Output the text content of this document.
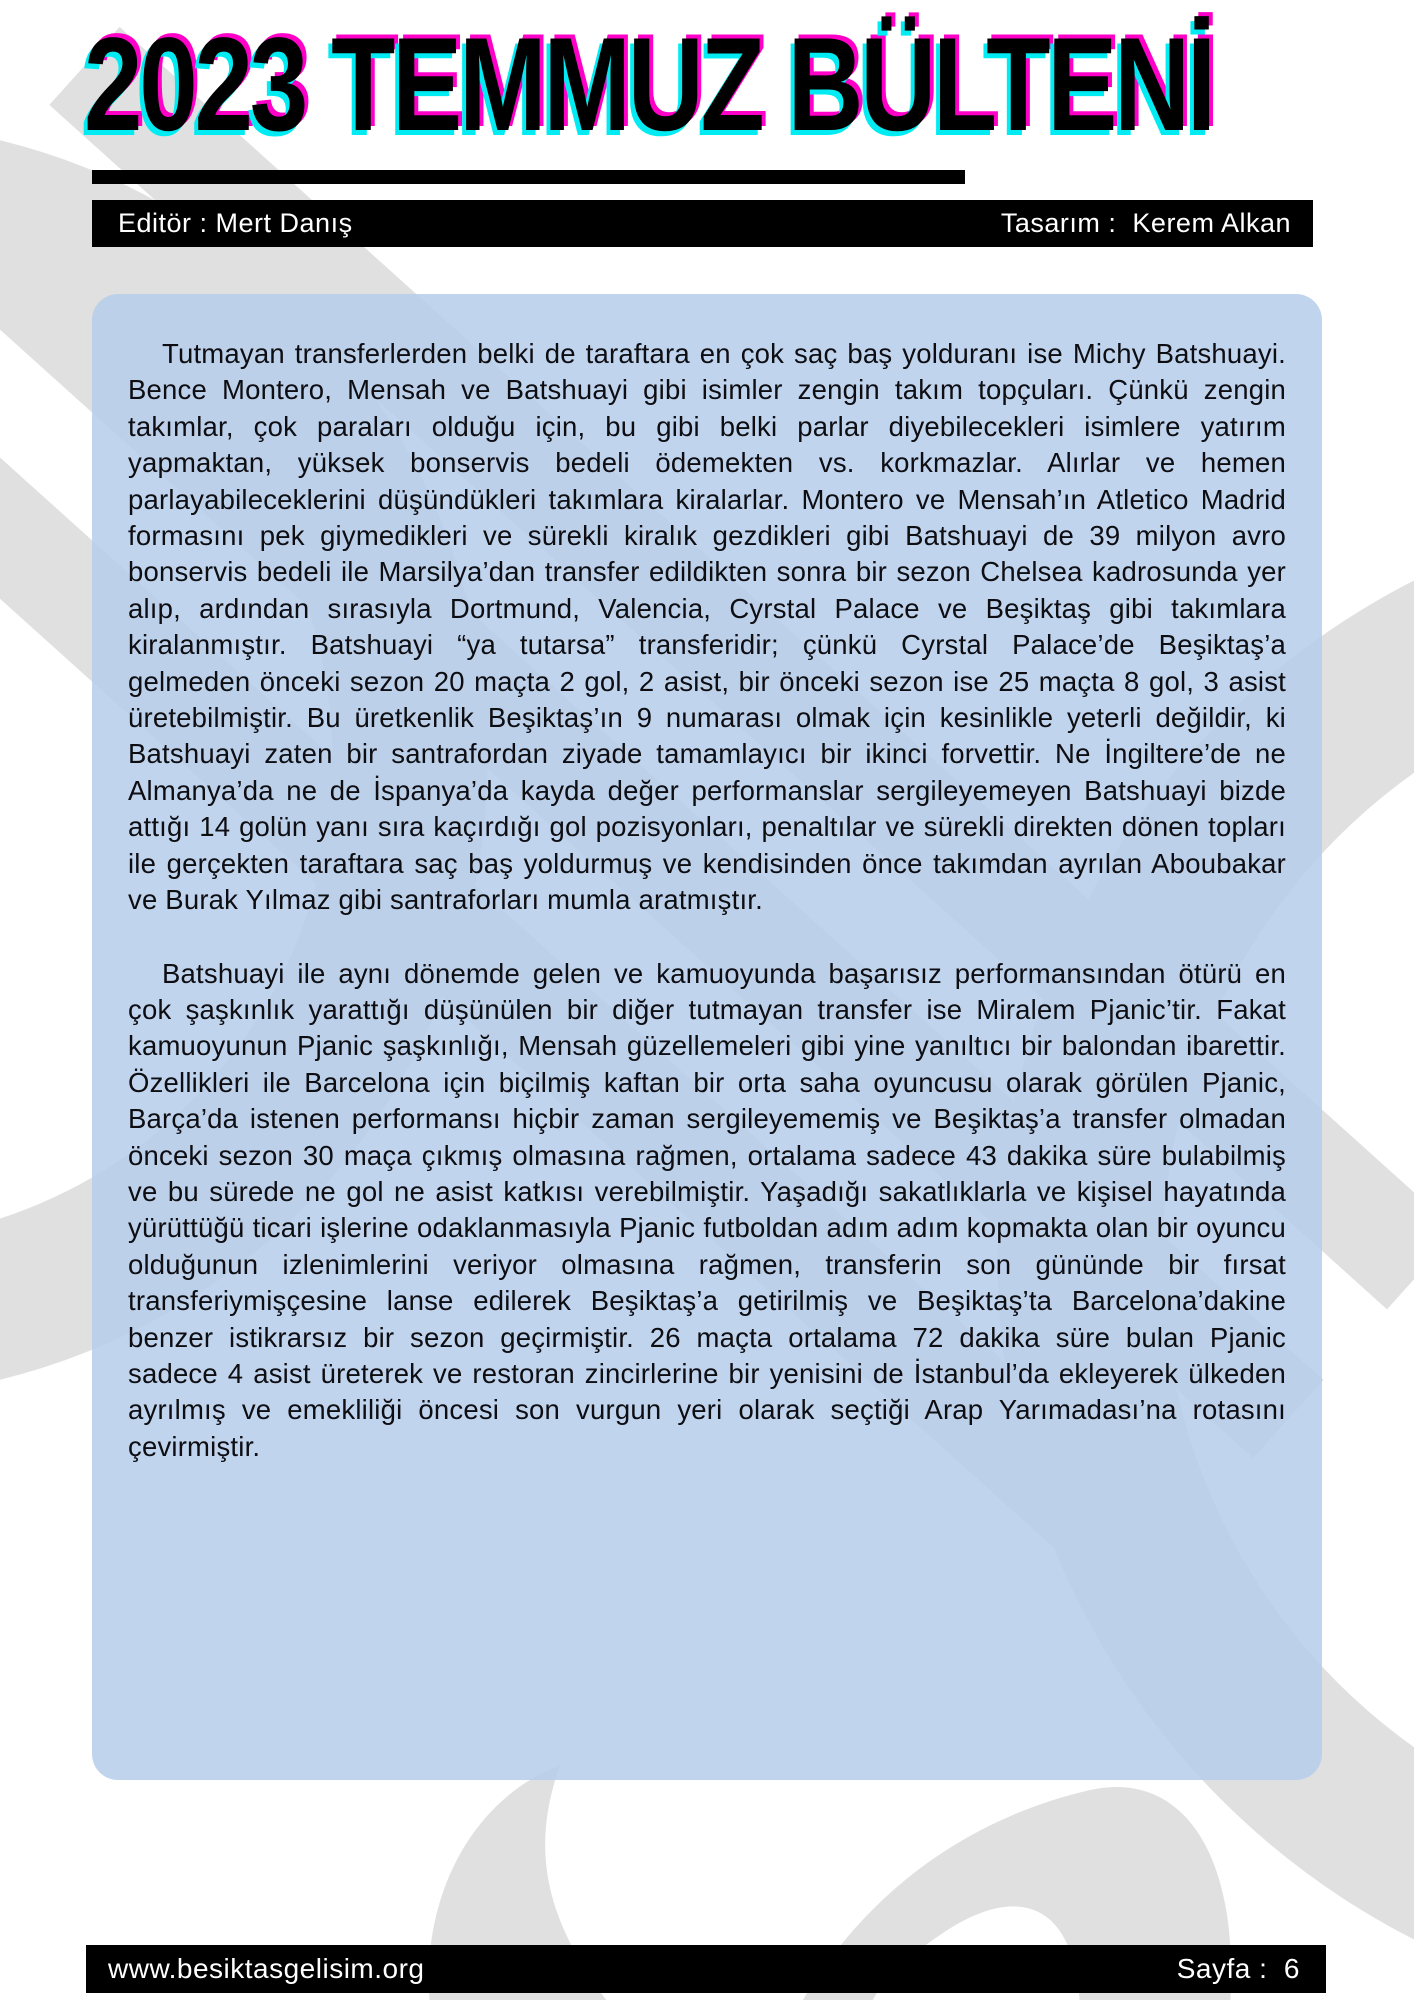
2023 TEMMUZ BÜLTENİ
Editör : Mert Danış	Tasarım :  Kerem Alkan

Tutmayan transferlerden belki de taraftara en çok saç baş yolduranı ise Michy Batshuayi. Bence Montero, Mensah ve Batshuayi gibi isimler zengin takım topçuları. Çünkü zengin takımlar, çok paraları olduğu için, bu gibi belki parlar diyebilecekleri isimlere yatırım yapmaktan, yüksek bonservis bedeli ödemekten vs. korkmazlar. Alırlar ve hemen parlayabileceklerini düşündükleri takımlara kiralarlar. Montero ve Mensah’ın Atletico Madrid formasını pek giymedikleri ve sürekli kiralık gezdikleri gibi Batshuayi de 39 milyon avro bonservis bedeli ile Marsilya’dan transfer edildikten sonra bir sezon Chelsea kadrosunda yer alıp, ardından sırasıyla Dortmund, Valencia, Cyrstal Palace ve Beşiktaş gibi takımlara kiralanmıştır. Batshuayi “ya tutarsa” transferidir; çünkü Cyrstal Palace’de Beşiktaş’a gelmeden önceki sezon 20 maçta 2 gol, 2 asist, bir önceki sezon ise 25 maçta 8 gol, 3 asist üretebilmiştir. Bu üretkenlik Beşiktaş’ın 9 numarası olmak için kesinlikle yeterli değildir, ki Batshuayi zaten bir santrafordan ziyade tamamlayıcı bir ikinci forvettir. Ne İngiltere’de ne Almanya’da ne de İspanya’da kayda değer performanslar sergileyemeyen Batshuayi bizde attığı 14 golün yanı sıra kaçırdığı gol pozisyonları, penaltılar ve sürekli direkten dönen topları ile gerçekten taraftara saç baş yoldurmuş ve kendisinden önce takımdan ayrılan Aboubakar ve Burak Yılmaz gibi santraforları mumla aratmıştır.

Batshuayi ile aynı dönemde gelen ve kamuoyunda başarısız performansından ötürü en çok şaşkınlık yarattığı düşünülen bir diğer tutmayan transfer ise Miralem Pjanic’tir. Fakat kamuoyunun Pjanic şaşkınlığı, Mensah güzellemeleri gibi yine yanıltıcı bir balondan ibarettir. Özellikleri ile Barcelona için biçilmiş kaftan bir orta saha oyuncusu olarak görülen Pjanic, Barça’da istenen performansı hiçbir zaman sergileyememiş ve Beşiktaş’a transfer olmadan önceki sezon 30 maça çıkmış olmasına rağmen, ortalama sadece 43 dakika süre bulabilmiş ve bu sürede ne gol ne asist katkısı verebilmiştir. Yaşadığı sakatlıklarla ve kişisel hayatında yürüttüğü ticari işlerine odaklanmasıyla Pjanic futboldan adım adım kopmakta olan bir oyuncu olduğunun izlenimlerini veriyor olmasına rağmen, transferin son gününde bir fırsat transferiymişçesine lanse edilerek Beşiktaş’a getirilmiş ve Beşiktaş’ta Barcelona’dakine benzer istikrarsız bir sezon geçirmiştir. 26 maçta ortalama 72 dakika süre bulan Pjanic sadece 4 asist üreterek ve restoran zincirlerine bir yenisini de İstanbul’da ekleyerek ülkeden ayrılmış ve emekliliği öncesi son vurgun yeri olarak seçtiği Arap Yarımadası’na rotasını çevirmiştir.

www.besiktasgelisim.org	Sayfa :  6
